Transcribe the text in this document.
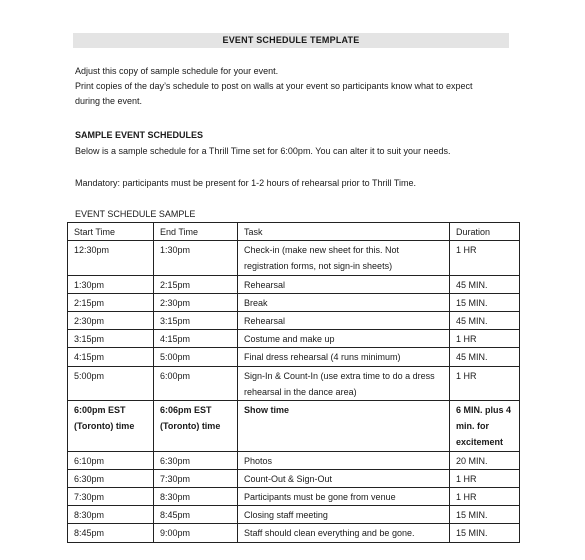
EVENT SCHEDULE TEMPLATE
Adjust this copy of sample schedule for your event.
Print copies of the day’s schedule to post on walls at your event so participants know what to expect
during the event.
SAMPLE EVENT SCHEDULES
Below is a sample schedule for a Thrill Time set for 6:00pm. You can alter it to suit your needs.
Mandatory: participants must be present for 1-2 hours of rehearsal prior to Thrill Time.
EVENT SCHEDULE SAMPLE
Start Time	End Time	Task	Duration
12:30pm	1:30pm	Check-in (make new sheet for this. Not registration forms, not sign-in sheets)	1 HR
1:30pm	2:15pm	Rehearsal	45 MIN.
2:15pm	2:30pm	Break	15 MIN.
2:30pm	3:15pm	Rehearsal	45 MIN.
3:15pm	4:15pm	Costume and make up	1 HR
4:15pm	5:00pm	Final dress rehearsal (4 runs minimum)	45 MIN.
5:00pm	6:00pm	Sign-In & Count-In (use extra time to do a dress rehearsal in the dance area)	1 HR
6:00pm EST (Toronto) time	6:06pm EST (Toronto) time	Show time	6 MIN. plus 4 min. for excitement
6:10pm	6:30pm	Photos	20 MIN.
6:30pm	7:30pm	Count-Out & Sign-Out	1 HR
7:30pm	8:30pm	Participants must be gone from venue	1 HR
8:30pm	8:45pm	Closing staff meeting	15 MIN.
8:45pm	9:00pm	Staff should clean everything and be gone.	15 MIN.
